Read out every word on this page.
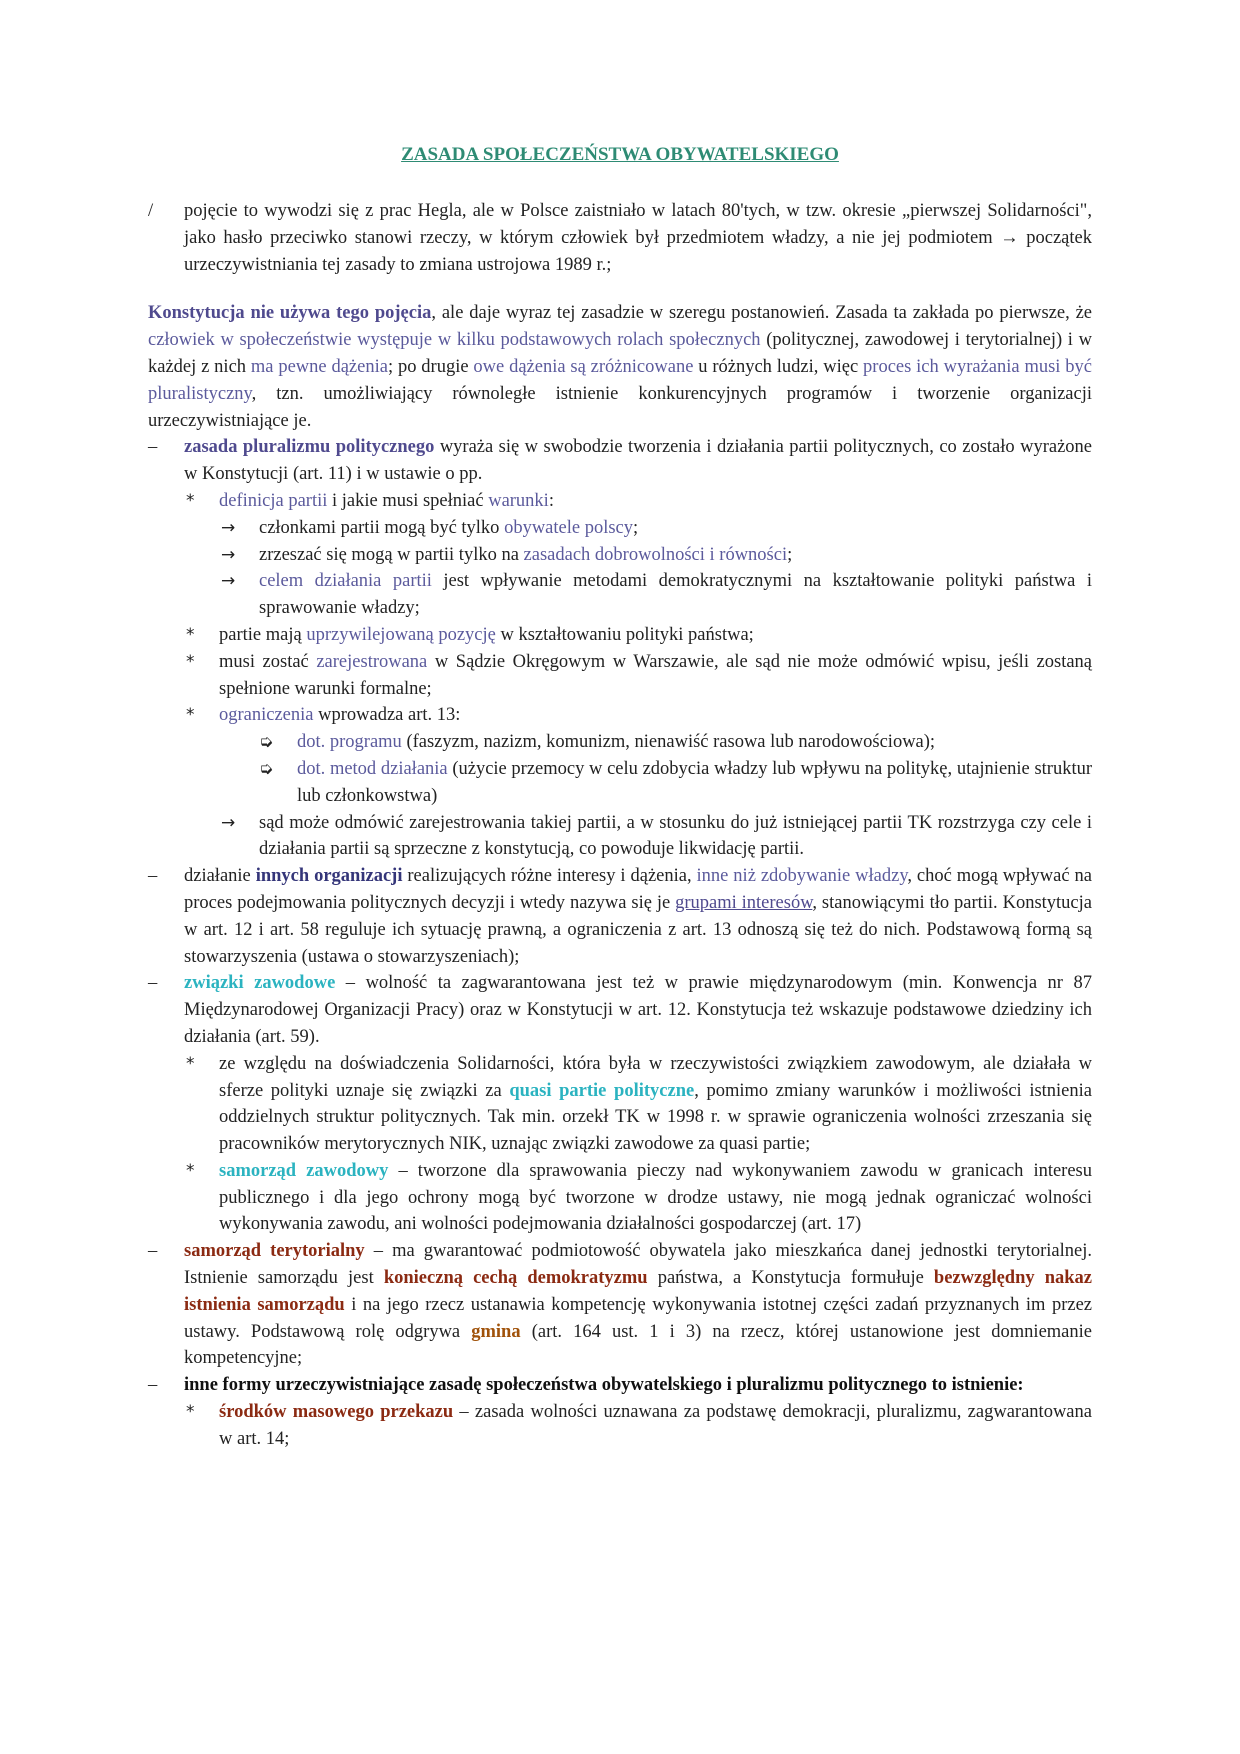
ZASADA SPOŁECZEŃSTWA OBYWATELSKIEGO
/ pojęcie to wywodzi się z prac Hegla, ale w Polsce zaistniało w latach 80'tych, w tzw. okresie „pierwszej Solidarności", jako hasło przeciwko stanowi rzeczy, w którym człowiek był przedmiotem władzy, a nie jej podmiotem → początek urzeczywistniania tej zasady to zmiana ustrojowa 1989 r.;
Konstytucja nie używa tego pojęcia, ale daje wyraz tej zasadzie w szeregu postanowień. Zasada ta zakłada po pierwsze, że człowiek w społeczeństwie występuje w kilku podstawowych rolach społecznych (politycznej, zawodowej i terytorialnej) i w każdej z nich ma pewne dążenia; po drugie owe dążenia są zróżnicowane u różnych ludzi, więc proces ich wyrażania musi być pluralistyczny, tzn. umożliwiający równoległe istnienie konkurencyjnych programów i tworzenie organizacji urzeczywistniające je.
– zasada pluralizmu politycznego wyraża się w swobodzie tworzenia i działania partii politycznych, co zostało wyrażone w Konstytucji (art. 11) i w ustawie o pp.
* definicja partii i jakie musi spełniać warunki:
→ członkami partii mogą być tylko obywatele polscy;
→ zrzeszać się mogą w partii tylko na zasadach dobrowolności i równości;
→ celem działania partii jest wpływanie metodami demokratycznymi na kształtowanie polityki państwa i sprawowanie władzy;
* partie mają uprzywilejowaną pozycję w kształtowaniu polityki państwa;
* musi zostać zarejestrowana w Sądzie Okręgowym w Warszawie, ale sąd nie może odmówić wpisu, jeśli zostaną spełnione warunki formalne;
* ograniczenia wprowadza art. 13:
➭ dot. programu (faszyzm, nazizm, komunizm, nienawiść rasowa lub narodowościowa);
➭ dot. metod działania (użycie przemocy w celu zdobycia władzy lub wpływu na politykę, utajnienie struktur lub członkowstwa)
→ sąd może odmówić zarejestrowania takiej partii, a w stosunku do już istniejącej partii TK rozstrzyga czy cele i działania partii są sprzeczne z konstytucją, co powoduje likwidację partii.
– działanie innych organizacji realizujących różne interesy i dążenia, inne niż zdobywanie władzy, choć mogą wpływać na proces podejmowania politycznych decyzji i wtedy nazywa się je grupami interesów, stanowiącymi tło partii. Konstytucja w art. 12 i art. 58 reguluje ich sytuację prawną, a ograniczenia z art. 13 odnoszą się też do nich. Podstawową formą są stowarzyszenia (ustawa o stowarzyszeniach);
– związki zawodowe – wolność ta zagwarantowana jest też w prawie międzynarodowym (min. Konwencja nr 87 Międzynarodowej Organizacji Pracy) oraz w Konstytucji w art. 12. Konstytucja też wskazuje podstawowe dziedziny ich działania (art. 59).
* ze względu na doświadczenia Solidarności, która była w rzeczywistości związkiem zawodowym, ale działała w sferze polityki uznaje się związki za quasi partie polityczne, pomimo zmiany warunków i możliwości istnienia oddzielnych struktur politycznych. Tak min. orzekł TK w 1998 r. w sprawie ograniczenia wolności zrzeszania się pracowników merytorycznych NIK, uznając związki zawodowe za quasi partie;
* samorząd zawodowy – tworzone dla sprawowania pieczy nad wykonywaniem zawodu w granicach interesu publicznego i dla jego ochrony mogą być tworzone w drodze ustawy, nie mogą jednak ograniczać wolności wykonywania zawodu, ani wolności podejmowania działalności gospodarczej (art. 17)
– samorząd terytorialny – ma gwarantować podmiotowość obywatela jako mieszkańca danej jednostki terytorialnej. Istnienie samorządu jest konieczną cechą demokratyzmu państwa, a Konstytucja formułuje bezwzględny nakaz istnienia samorządu i na jego rzecz ustanawia kompetencję wykonywania istotnej części zadań przyznanych im przez ustawy. Podstawową rolę odgrywa gmina (art. 164 ust. 1 i 3) na rzecz, której ustanowione jest domniemanie kompetencyjne;
– inne formy urzeczywistniające zasadę społeczeństwa obywatelskiego i pluralizmu politycznego to istnienie:
* środków masowego przekazu – zasada wolności uznawana za podstawę demokracji, pluralizmu, zagwarantowana w art. 14;
